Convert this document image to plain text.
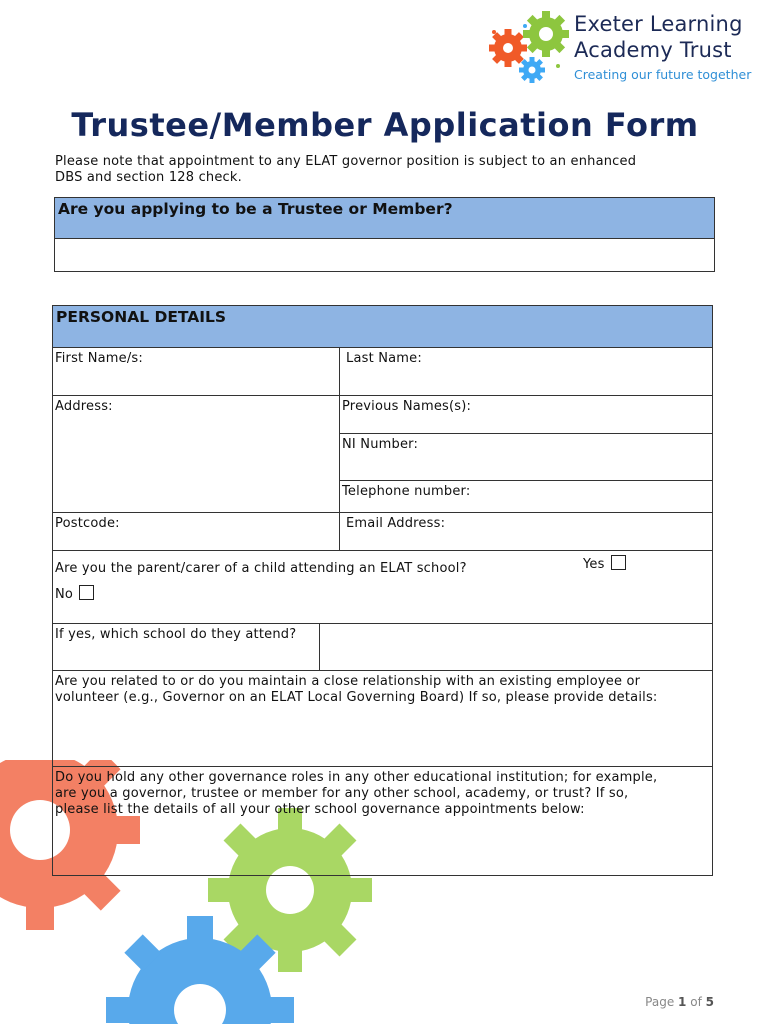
Exeter Learning
Academy Trust
Creating our future together
Trustee/Member Application Form
Please note that appointment to any ELAT governor position is subject to an enhanced
DBS and section 128 check.
Are you applying to be a Trustee or Member?
PERSONAL DETAILS
First Name/s:	Last Name:
Address:	Previous Names(s):
NI Number:
Telephone number:
Postcode:	Email Address:
Are you the parent/carer of a child attending an ELAT school?	Yes
No
If yes, which school do they attend?
Are you related to or do you maintain a close relationship with an existing employee or
volunteer (e.g., Governor on an ELAT Local Governing Board) If so, please provide details:
Do you hold any other governance roles in any other educational institution; for example,
are you a governor, trustee or member for any other school, academy, or trust? If so,
please list the details of all your other school governance appointments below:
Page 1 of 5
